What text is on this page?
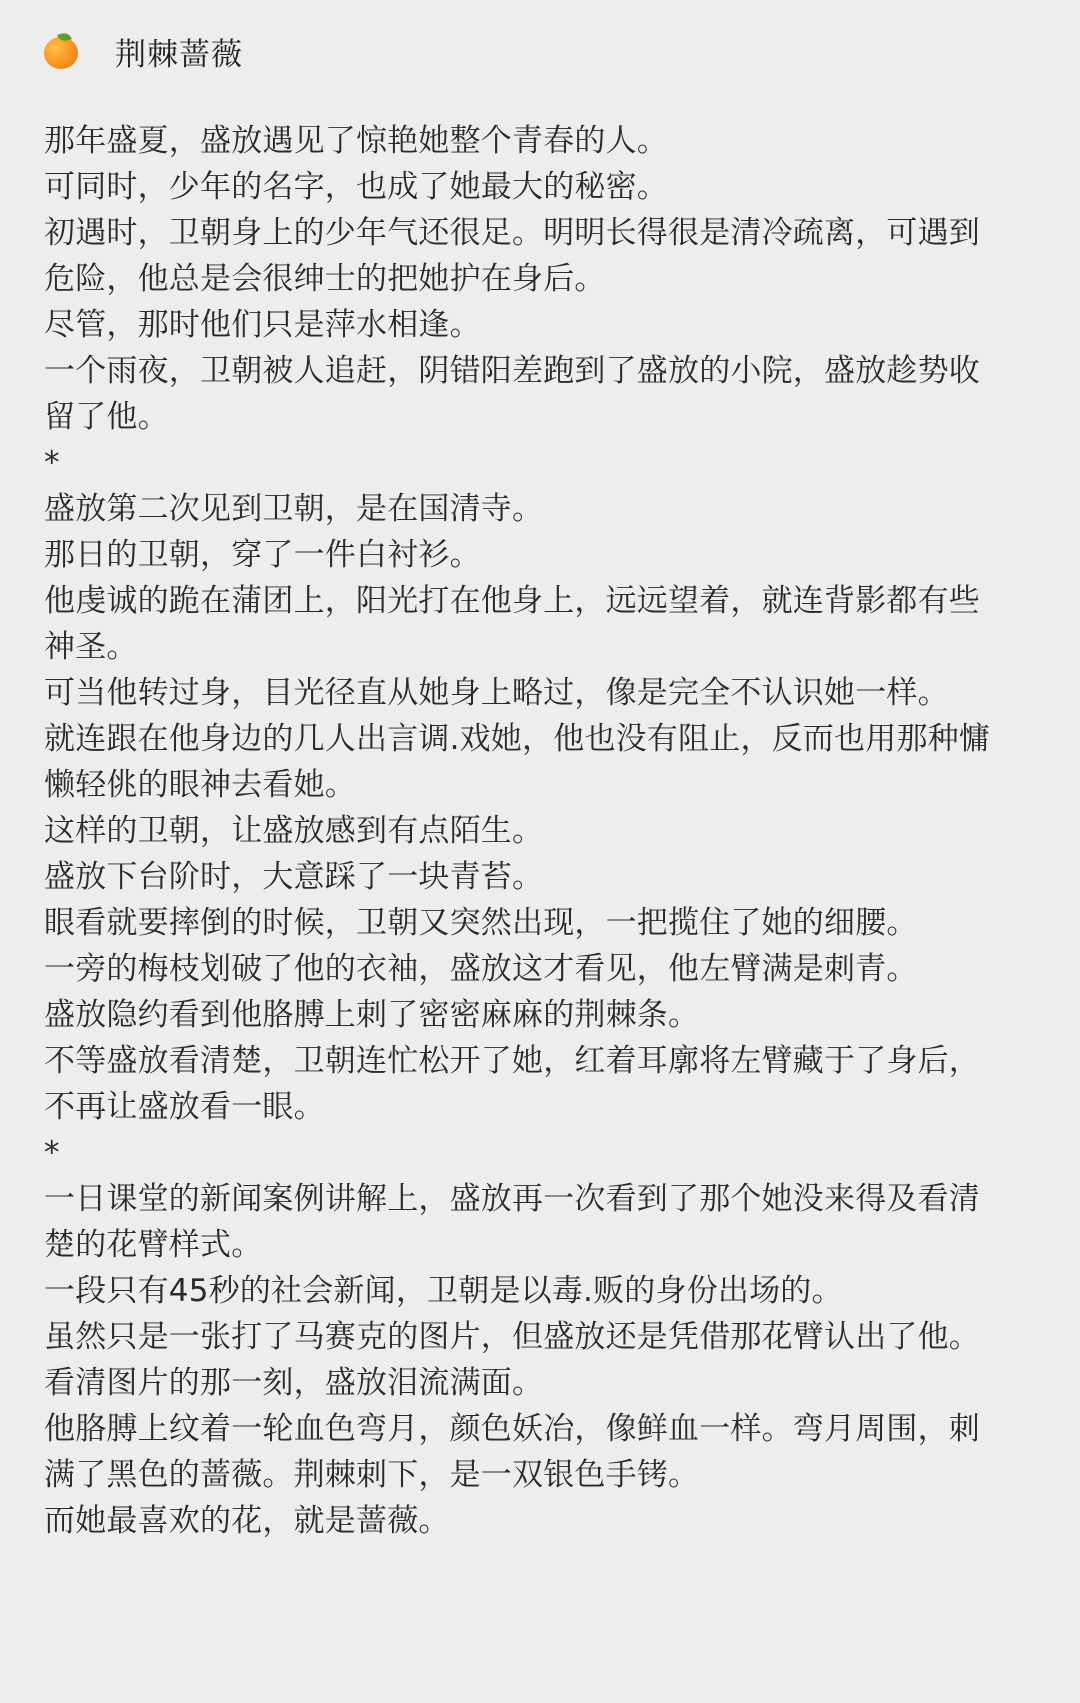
荆棘蔷薇

那年盛夏，盛放遇见了惊艳她整个青春的人。

可同时，少年的名字，也成了她最大的秘密。

初遇时，卫朝身上的少年气还很足。明明长得很是清冷疏离，可遇到危险，他总是会很绅士的把她护在身后。

尽管，那时他们只是萍水相逢。

一个雨夜，卫朝被人追赶，阴错阳差跑到了盛放的小院，盛放趁势收留了他。

*

盛放第二次见到卫朝，是在国清寺。

那日的卫朝，穿了一件白衬衫。

他虔诚的跪在蒲团上，阳光打在他身上，远远望着，就连背影都有些神圣。

可当他转过身，目光径直从她身上略过，像是完全不认识她一样。

就连跟在他身边的几人出言调.戏她，他也没有阻止，反而也用那种慵懒轻佻的眼神去看她。

这样的卫朝，让盛放感到有点陌生。

盛放下台阶时，大意踩了一块青苔。

眼看就要摔倒的时候，卫朝又突然出现，一把揽住了她的细腰。

一旁的梅枝划破了他的衣袖，盛放这才看见，他左臂满是刺青。

盛放隐约看到他胳膊上刺了密密麻麻的荆棘条。

不等盛放看清楚，卫朝连忙松开了她，红着耳廓将左臂藏于了身后，不再让盛放看一眼。

*

一日课堂的新闻案例讲解上，盛放再一次看到了那个她没来得及看清楚的花臂样式。

一段只有45秒的社会新闻，卫朝是以毒.贩的身份出场的。

虽然只是一张打了马赛克的图片，但盛放还是凭借那花臂认出了他。

看清图片的那一刻，盛放泪流满面。

他胳膊上纹着一轮血色弯月，颜色妖冶，像鲜血一样。弯月周围，刺满了黑色的蔷薇。荆棘刺下，是一双银色手铐。

而她最喜欢的花，就是蔷薇。
